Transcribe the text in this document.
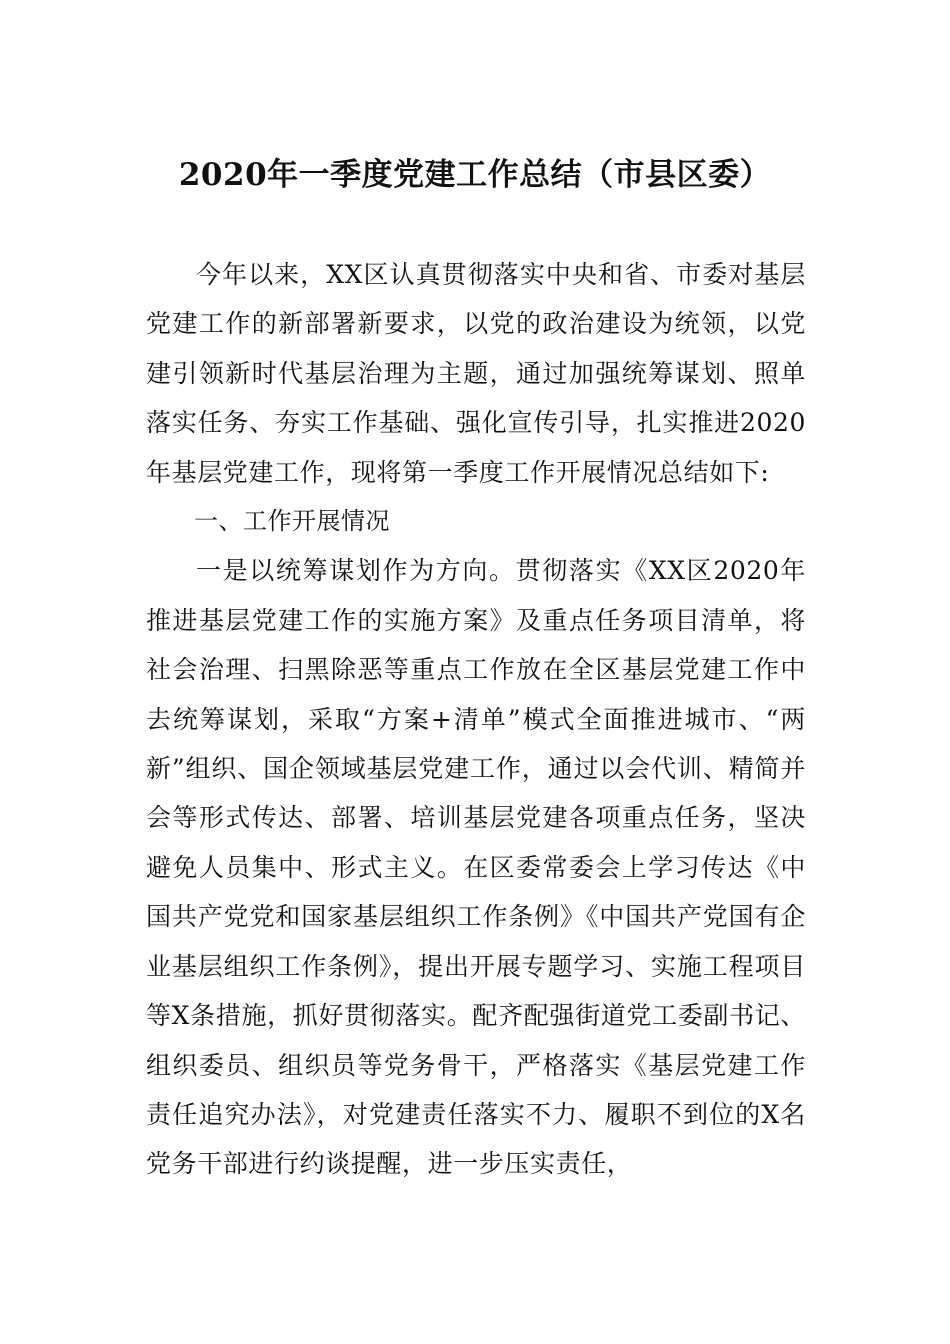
2020年一季度党建工作总结（市县区委）

今年以来，XX区认真贯彻落实中央和省、市委对基层党建工作的新部署新要求，以党的政治建设为统领，以党建引领新时代基层治理为主题，通过加强统筹谋划、照单落实任务、夯实工作基础、强化宣传引导，扎实推进2020年基层党建工作，现将第一季度工作开展情况总结如下:

一、工作开展情况

一是以统筹谋划作为方向。贯彻落实《XX区2020年推进基层党建工作的实施方案》及重点任务项目清单，将社会治理、扫黑除恶等重点工作放在全区基层党建工作中去统筹谋划，采取“方案+清单”模式全面推进城市、“两新”组织、国企领域基层党建工作，通过以会代训、精简并会等形式传达、部署、培训基层党建各项重点任务，坚决避免人员集中、形式主义。在区委常委会上学习传达《中国共产党党和国家基层组织工作条例》《中国共产党国有企业基层组织工作条例》，提出开展专题学习、实施工程项目等X条措施，抓好贯彻落实。配齐配强街道党工委副书记、组织委员、组织员等党务骨干，严格落实《基层党建工作责任追究办法》，对党建责任落实不力、履职不到位的X名党务干部进行约谈提醒，进一步压实责任，
